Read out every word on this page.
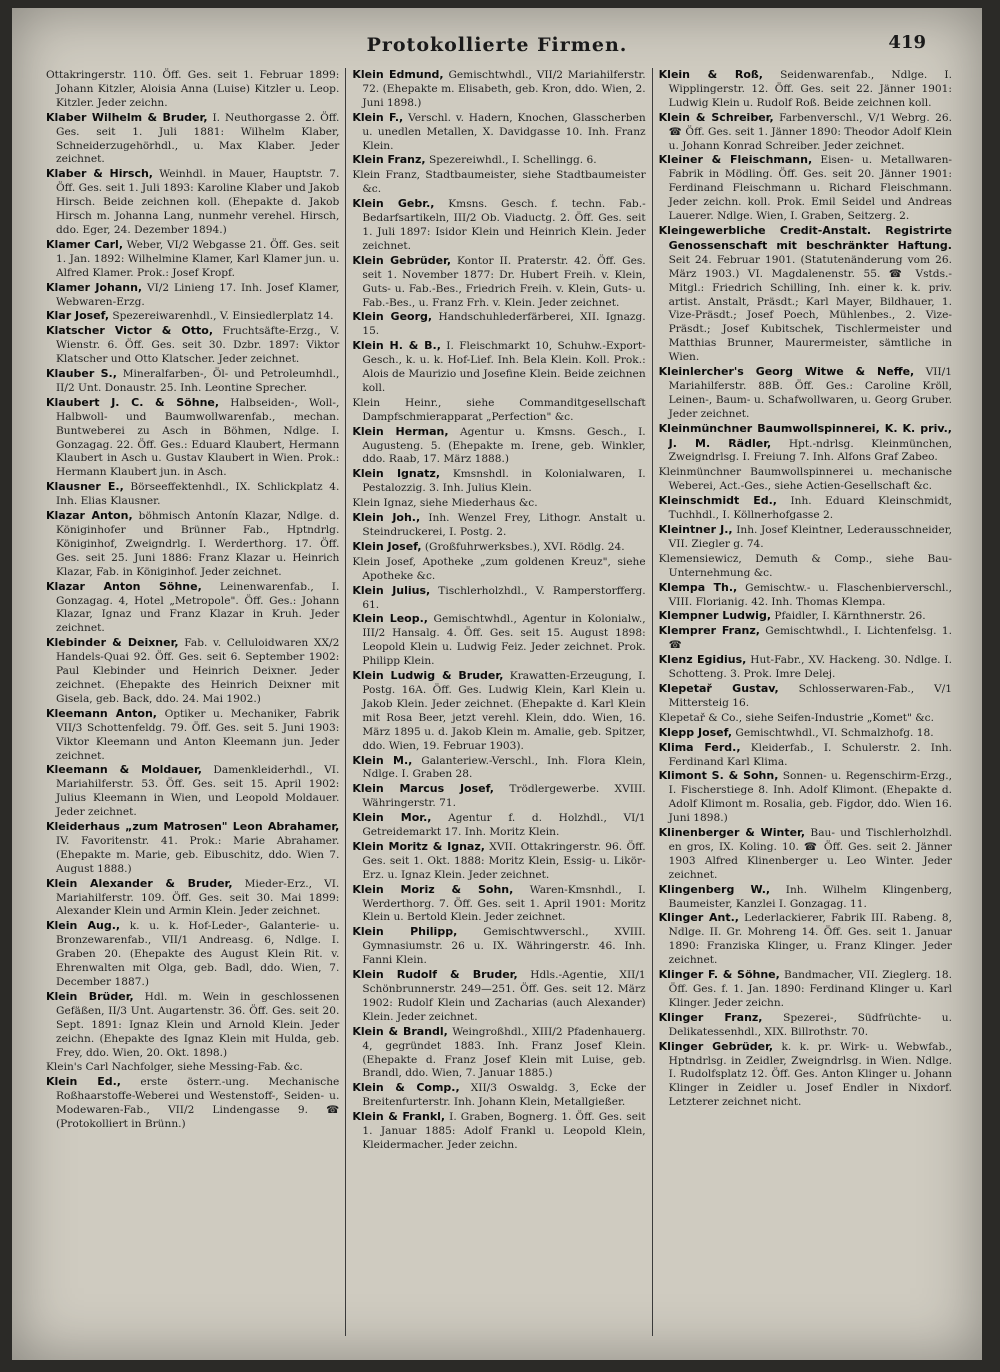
Protokollierte Firmen.	419

Ottakringerstr. 110. Öff. Ges. seit 1. Februar 1899: Johann Kitzler, Aloisia Anna (Luise) Kitzler u. Leop. Kitzler. Jeder zeichn.

Klaber Wilhelm & Bruder, I. Neuthorgasse 2. Öff. Ges. seit 1. Juli 1881: Wilhelm Klaber, Schneiderzugehörhdl., u. Max Klaber. Jeder zeichnet.

Klaber & Hirsch, Weinhdl. in Mauer, Hauptstr. 7. Öff. Ges. seit 1. Juli 1893: Karoline Klaber und Jakob Hirsch. Beide zeichnen koll. (Ehepakte d. Jakob Hirsch m. Johanna Lang, nunmehr verehel. Hirsch, ddo. Eger, 24. Dezember 1894.)

Klamer Carl, Weber, VI/2 Webgasse 21. Öff. Ges. seit 1. Jan. 1892: Wilhelmine Klamer, Karl Klamer jun. u. Alfred Klamer. Prok.: Josef Kropf.

Klamer Johann, VI/2 Linieng 17. Inh. Josef Klamer, Webwaren-Erzg.

Klar Josef, Spezereiwarenhdl., V. Einsiedlerplatz 14.

Klatscher Victor & Otto, Fruchtsäfte-Erzg., V. Wienstr. 6. Öff. Ges. seit 30. Dzbr. 1897: Viktor Klatscher und Otto Klatscher. Jeder zeichnet.

Klauber S., Mineralfarben-, Öl- und Petroleumhdl., II/2 Unt. Donaustr. 25. Inh. Leontine Sprecher.

Klaubert J. C. & Söhne, Halbseiden-, Woll-, Halbwoll- und Baumwollwarenfab., mechan. Buntweberei zu Asch in Böhmen, Ndlge. I. Gonzagag. 22. Öff. Ges.: Eduard Klaubert, Hermann Klaubert in Asch u. Gustav Klaubert in Wien. Prok.: Hermann Klaubert jun. in Asch.

Klausner E., Börseeffektenhdl., IX. Schlickplatz 4. Inh. Elias Klausner.

Klazar Anton, böhmisch Antonín Klazar, Ndlge. d. Königinhofer und Brünner Fab., Hptndrlg. Königinhof, Zweigndrlg. I. Werderthorg. 17. Öff. Ges. seit 25. Juni 1886: Franz Klazar u. Heinrich Klazar, Fab. in Königinhof. Jeder zeichnet.

Klazar Anton Söhne, Leinenwarenfab., I. Gonzagag. 4, Hotel „Metropole". Öff. Ges.: Johann Klazar, Ignaz und Franz Klazar in Kruh. Jeder zeichnet.

Klebinder & Deixner, Fab. v. Celluloidwaren XX/2 Handels-Quai 92. Öff. Ges. seit 6. September 1902: Paul Klebinder und Heinrich Deixner. Jeder zeichnet. (Ehepakte des Heinrich Deixner mit Gisela, geb. Back, ddo. 24. Mai 1902.)

Kleemann Anton, Optiker u. Mechaniker, Fabrik VII/3 Schottenfeldg. 79. Öff. Ges. seit 5. Juni 1903: Viktor Kleemann und Anton Kleemann jun. Jeder zeichnet.

Kleemann & Moldauer, Damenkleiderhdl., VI. Mariahilferstr. 53. Öff. Ges. seit 15. April 1902: Julius Kleemann in Wien, und Leopold Moldauer. Jeder zeichnet.

Kleiderhaus „zum Matrosen" Leon Abrahamer, IV. Favoritenstr. 41. Prok.: Marie Abrahamer. (Ehepakte m. Marie, geb. Eibuschitz, ddo. Wien 7. August 1888.)

Klein Alexander & Bruder, Mieder-Erz., VI. Mariahilferstr. 109. Öff. Ges. seit 30. Mai 1899: Alexander Klein und Armin Klein. Jeder zeichnet.

Klein Aug., k. u. k. Hof-Leder-, Galanterie- u. Bronzewarenfab., VII/1 Andreasg. 6, Ndlge. I. Graben 20. (Ehepakte des August Klein Rit. v. Ehrenwalten mit Olga, geb. Badl, ddo. Wien, 7. December 1887.)

Klein Brüder, Hdl. m. Wein in geschlossenen Gefäßen, II/3 Unt. Augartenstr. 36. Öff. Ges. seit 20. Sept. 1891: Ignaz Klein und Arnold Klein. Jeder zeichn. (Ehepakte des Ignaz Klein mit Hulda, geb. Frey, ddo. Wien, 20. Okt. 1898.)

Klein's Carl Nachfolger, siehe Messing-Fab. &c.

Klein Ed., erste österr.-ung. Mechanische Roßhaarstoffe-Weberei und Westenstoff-, Seiden- u. Modewaren-Fab., VII/2 Lindengasse 9. ☎ (Protokolliert in Brünn.)

Klein Edmund, Gemischtwhdl., VII/2 Mariahilferstr. 72. (Ehepakte m. Elisabeth, geb. Kron, ddo. Wien, 2. Juni 1898.)

Klein F., Verschl. v. Hadern, Knochen, Glasscherben u. unedlen Metallen, X. Davidgasse 10. Inh. Franz Klein.

Klein Franz, Spezereiwhdl., I. Schellingg. 6.

Klein Franz, Stadtbaumeister, siehe Stadtbaumeister &c.

Klein Gebr., Kmsns. Gesch. f. techn. Fab.-Bedarfsartikeln, III/2 Ob. Viaductg. 2. Öff. Ges. seit 1. Juli 1897: Isidor Klein und Heinrich Klein. Jeder zeichnet.

Klein Gebrüder, Kontor II. Praterstr. 42. Öff. Ges. seit 1. November 1877: Dr. Hubert Freih. v. Klein, Guts- u. Fab.-Bes., Friedrich Freih. v. Klein, Guts- u. Fab.-Bes., u. Franz Frh. v. Klein. Jeder zeichnet.

Klein Georg, Handschuhlederfärberei, XII. Ignazg. 15.

Klein H. & B., I. Fleischmarkt 10, Schuhw.-Export-Gesch., k. u. k. Hof-Lief. Inh. Bela Klein. Koll. Prok.: Alois de Maurizio und Josefine Klein. Beide zeichnen koll.

Klein Heinr., siehe Commanditgesellschaft Dampfschmierapparat „Perfection" &c.

Klein Herman, Agentur u. Kmsns. Gesch., I. Augusteng. 5. (Ehepakte m. Irene, geb. Winkler, ddo. Raab, 17. März 1888.)

Klein Ignatz, Kmsnshdl. in Kolonialwaren, I. Pestalozzig. 3. Inh. Julius Klein.

Klein Ignaz, siehe Miederhaus &c.

Klein Joh., Inh. Wenzel Frey, Lithogr. Anstalt u. Steindruckerei, I. Postg. 2.

Klein Josef, (Großfuhrwerksbes.), XVI. Rödlg. 24.

Klein Josef, Apotheke „zum goldenen Kreuz", siehe Apotheke &c.

Klein Julius, Tischlerholzhdl., V. Ramperstorfferg. 61.

Klein Leop., Gemischtwhdl., Agentur in Kolonialw., III/2 Hansalg. 4. Öff. Ges. seit 15. August 1898: Leopold Klein u. Ludwig Feiz. Jeder zeichnet. Prok. Philipp Klein.

Klein Ludwig & Bruder, Krawatten-Erzeugung, I. Postg. 16A. Öff. Ges. Ludwig Klein, Karl Klein u. Jakob Klein. Jeder zeichnet. (Ehepakte d. Karl Klein mit Rosa Beer, jetzt verehl. Klein, ddo. Wien, 16. März 1895 u. d. Jakob Klein m. Amalie, geb. Spitzer, ddo. Wien, 19. Februar 1903).

Klein M., Galanteriew.-Verschl., Inh. Flora Klein, Ndlge. I. Graben 28.

Klein Marcus Josef, Trödlergewerbe. XVIII. Währingerstr. 71.

Klein Mor., Agentur f. d. Holzhdl., VI/1 Getreidemarkt 17. Inh. Moritz Klein.

Klein Moritz & Ignaz, XVII. Ottakringerstr. 96. Öff. Ges. seit 1. Okt. 1888: Moritz Klein, Essig- u. Likör-Erz. u. Ignaz Klein. Jeder zeichnet.

Klein Moriz & Sohn, Waren-Kmsnhdl., I. Werderthorg. 7. Öff. Ges. seit 1. April 1901: Moritz Klein u. Bertold Klein. Jeder zeichnet.

Klein Philipp, Gemischtwverschl., XVIII. Gymnasiumstr. 26 u. IX. Währingerstr. 46. Inh. Fanni Klein.

Klein Rudolf & Bruder, Hdls.-Agentie, XII/1 Schönbrunnerstr. 249—251. Öff. Ges. seit 12. März 1902: Rudolf Klein und Zacharias (auch Alexander) Klein. Jeder zeichnet.

Klein & Brandl, Weingroßhdl., XIII/2 Pfadenhauerg. 4, gegründet 1883. Inh. Franz Josef Klein. (Ehepakte d. Franz Josef Klein mit Luise, geb. Brandl, ddo. Wien, 7. Januar 1885.)

Klein & Comp., XII/3 Oswaldg. 3, Ecke der Breitenfurterstr. Inh. Johann Klein, Metallgießer.

Klein & Frankl, I. Graben, Bognerg. 1. Öff. Ges. seit 1. Januar 1885: Adolf Frankl u. Leopold Klein, Kleidermacher. Jeder zeichn.

Klein & Roß, Seidenwarenfab., Ndlge. I. Wipplingerstr. 12. Öff. Ges. seit 22. Jänner 1901: Ludwig Klein u. Rudolf Roß. Beide zeichnen koll.

Klein & Schreiber, Farbenverschl., V/1 Webrg. 26. ☎ Öff. Ges. seit 1. Jänner 1890: Theodor Adolf Klein u. Johann Konrad Schreiber. Jeder zeichnet.

Kleiner & Fleischmann, Eisen- u. Metallwaren-Fabrik in Mödling. Öff. Ges. seit 20. Jänner 1901: Ferdinand Fleischmann u. Richard Fleischmann. Jeder zeichn. koll. Prok. Emil Seidel und Andreas Lauerer. Ndlge. Wien, I. Graben, Seitzerg. 2.

Kleingewerbliche Credit-Anstalt. Registrirte Genossenschaft mit beschränkter Haftung. Seit 24. Februar 1901. (Statutenänderung vom 26. März 1903.) VI. Magdalenenstr. 55. ☎ Vstds.-Mitgl.: Friedrich Schilling, Inh. einer k. k. priv. artist. Anstalt, Präsdt.; Karl Mayer, Bildhauer, 1. Vize-Präsdt.; Josef Poech, Mühlenbes., 2. Vize-Präsdt.; Josef Kubitschek, Tischlermeister und Matthias Brunner, Maurermeister, sämtliche in Wien.

Kleinlercher's Georg Witwe & Neffe, VII/1 Mariahilferstr. 88B. Öff. Ges.: Caroline Kröll, Leinen-, Baum- u. Schafwollwaren, u. Georg Gruber. Jeder zeichnet.

Kleinmünchner Baumwollspinnerei, K. K. priv., J. M. Rädler, Hpt.-ndrlsg. Kleinmünchen, Zweigndrlsg. I. Freiung 7. Inh. Alfons Graf Zabeo.

Kleinmünchner Baumwollspinnerei u. mechanische Weberei, Act.-Ges., siehe Actien-Gesellschaft &c.

Kleinschmidt Ed., Inh. Eduard Kleinschmidt, Tuchhdl., I. Köllnerhofgasse 2.

Kleintner J., Inh. Josef Kleintner, Lederausschneider, VII. Ziegler g. 74.

Klemensiewicz, Demuth & Comp., siehe Bau-Unternehmung &c.

Klempa Th., Gemischtw.- u. Flaschenbierverschl., VIII. Florianig. 42. Inh. Thomas Klempa.

Klempner Ludwig, Pfaidler, I. Kärnthnerstr. 26.

Klemprer Franz, Gemischtwhdl., I. Lichtenfelsg. 1. ☎

Klenz Egidius, Hut-Fabr., XV. Hackeng. 30. Ndlge. I. Schotteng. 3. Prok. Imre Delej.

Klepetař Gustav, Schlosserwaren-Fab., V/1 Mittersteig 16.

Klepetař & Co., siehe Seifen-Industrie „Komet" &c.

Klepp Josef, Gemischtwhdl., VI. Schmalzhofg. 18.

Klima Ferd., Kleiderfab., I. Schulerstr. 2. Inh. Ferdinand Karl Klima.

Klimont S. & Sohn, Sonnen- u. Regenschirm-Erzg., I. Fischerstiege 8. Inh. Adolf Klimont. (Ehepakte d. Adolf Klimont m. Rosalia, geb. Figdor, ddo. Wien 16. Juni 1898.)

Klinenberger & Winter, Bau- und Tischlerholzhdl. en gros, IX. Koling. 10. ☎ Öff. Ges. seit 2. Jänner 1903 Alfred Klinenberger u. Leo Winter. Jeder zeichnet.

Klingenberg W., Inh. Wilhelm Klingenberg, Baumeister, Kanzlei I. Gonzagag. 11.

Klinger Ant., Lederlackierer, Fabrik III. Rabeng. 8, Ndlge. II. Gr. Mohreng 14. Öff. Ges. seit 1. Januar 1890: Franziska Klinger, u. Franz Klinger. Jeder zeichnet.

Klinger F. & Söhne, Bandmacher, VII. Zieglerg. 18. Öff. Ges. f. 1. Jan. 1890: Ferdinand Klinger u. Karl Klinger. Jeder zeichn.

Klinger Franz, Spezerei-, Südfrüchte- u. Delikatessenhdl., XIX. Billrothstr. 70.

Klinger Gebrüder, k. k. pr. Wirk- u. Webwfab., Hptndrlsg. in Zeidler, Zweigndrlsg. in Wien. Ndlge. I. Rudolfsplatz 12. Öff. Ges. Anton Klinger u. Johann Klinger in Zeidler u. Josef Endler in Nixdorf. Letzterer zeichnet nicht.
